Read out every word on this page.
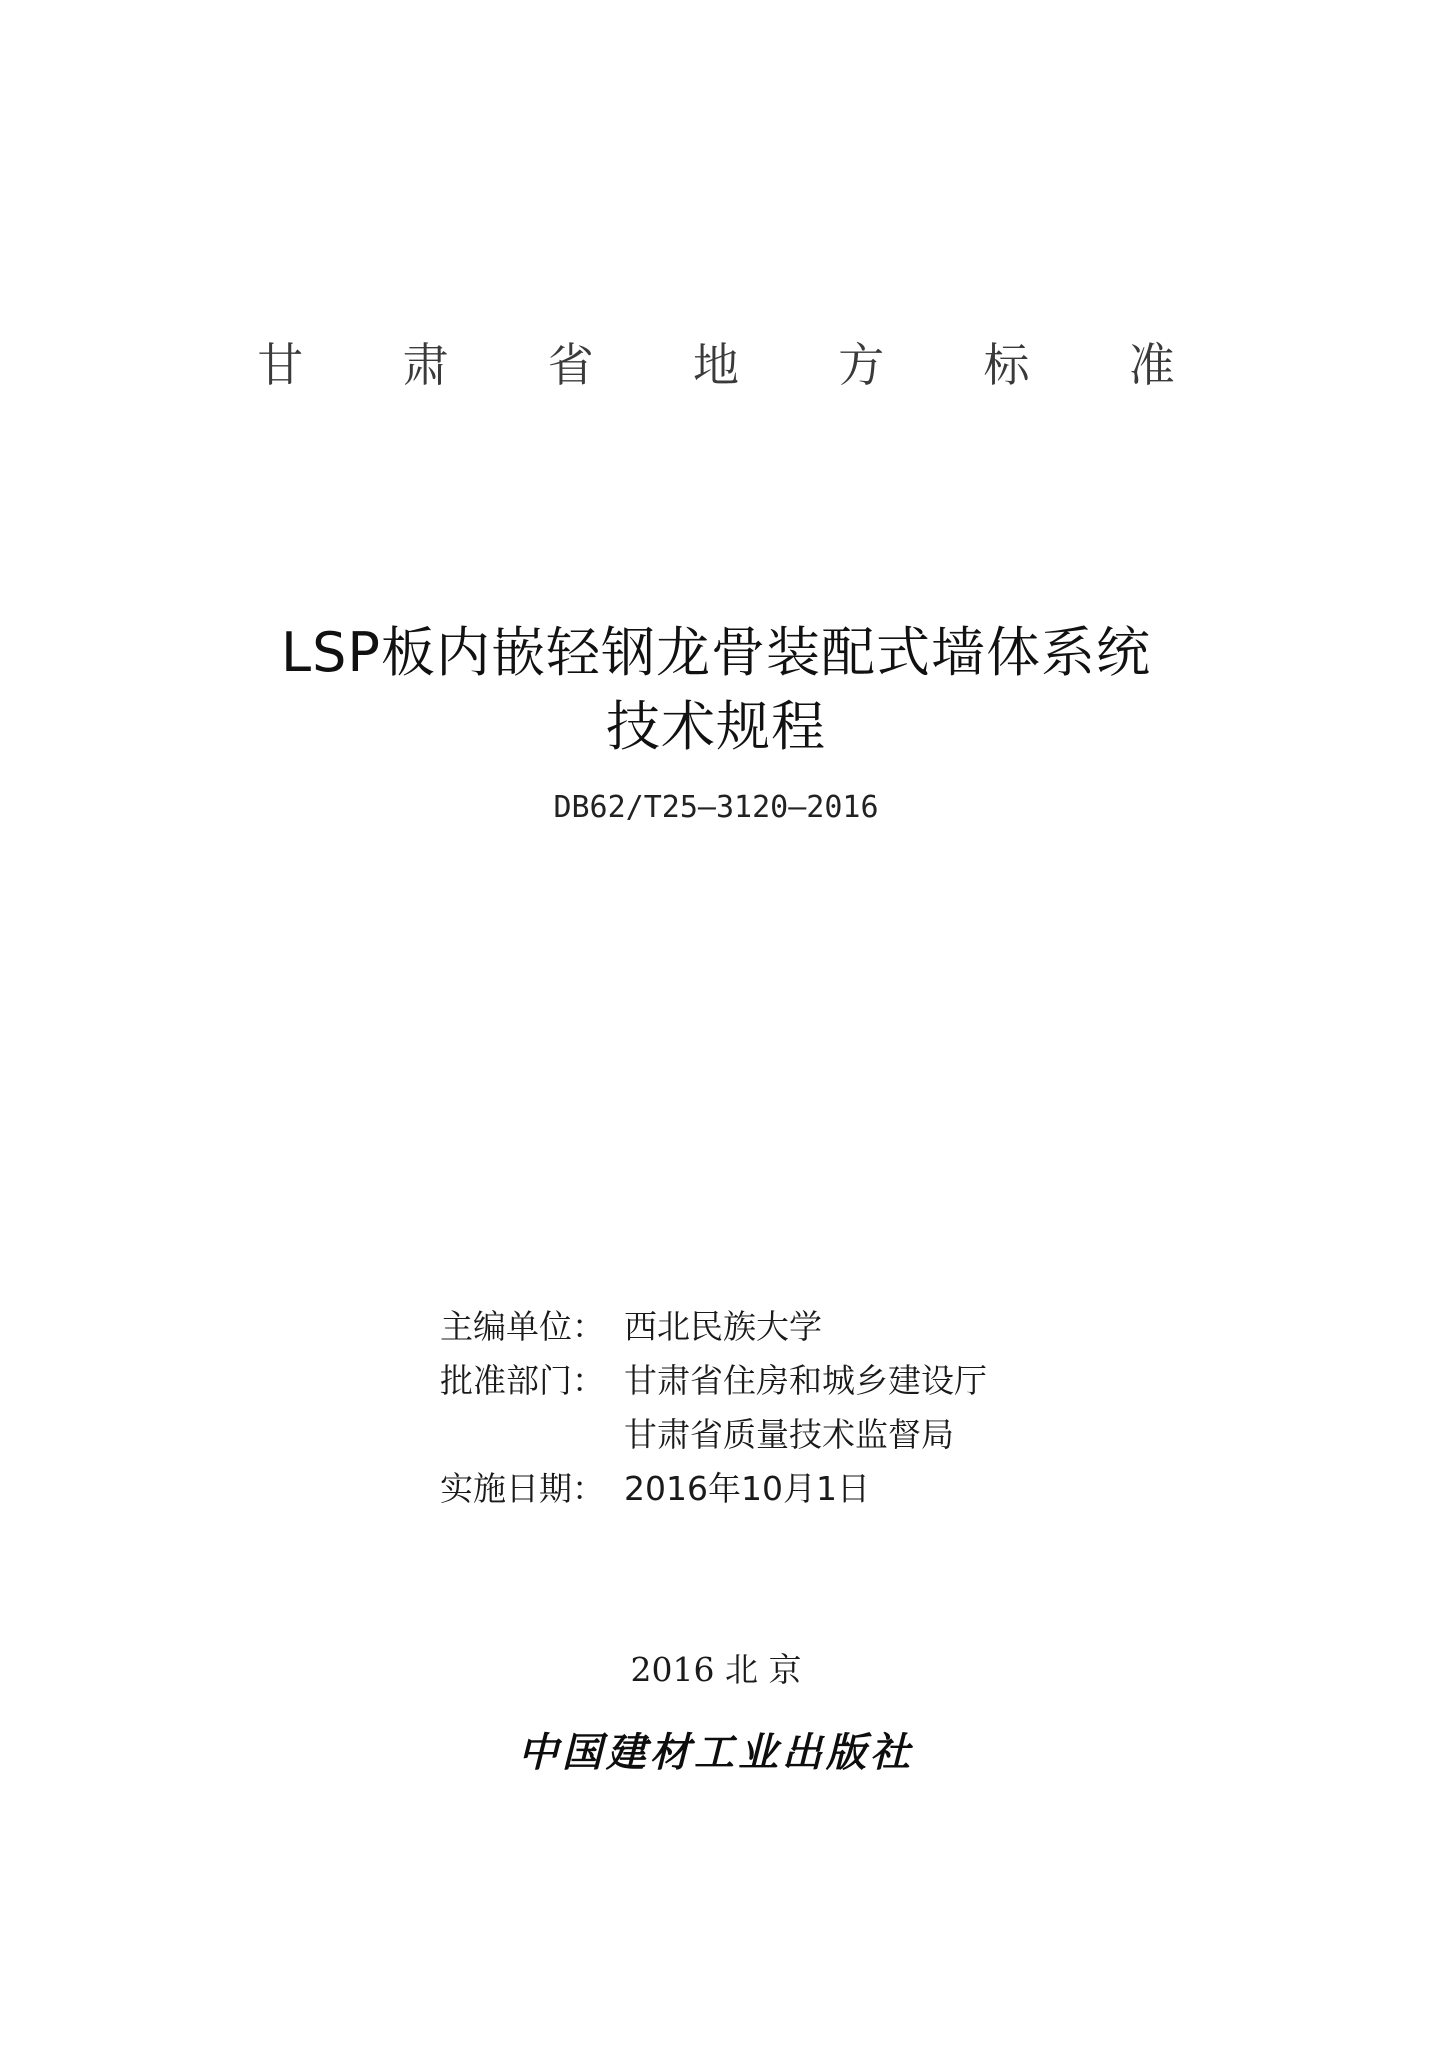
甘 肃 省 地 方 标 准
LSP板内嵌轻钢龙骨装配式墙体系统
技术规程
DB62/T25—3120—2016
主编单位： 西北民族大学
批准部门： 甘肃省住房和城乡建设厅
甘肃省质量技术监督局
实施日期： 2016年10月1日
2016 北 京
中国建材工业出版社
